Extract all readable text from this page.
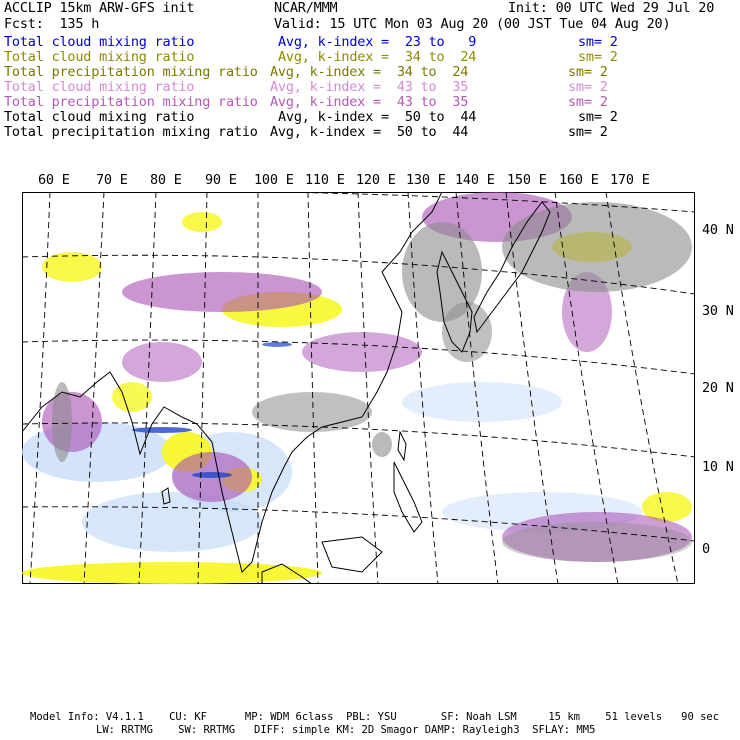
ACCLIP 15km ARW-GFS init	NCAR/MMM	Init: 00 UTC Wed 29 Jul 20
Fcst:  135 h	Valid: 15 UTC Mon 03 Aug 20 (00 JST Tue 04 Aug 20)
Total cloud mixing ratio	Avg, k-index =  23 to   9	sm= 2
Total cloud mixing ratio	Avg, k-index =  34 to  24	sm= 2
Total precipitation mixing ratio Avg, k-index =  34 to  24	sm= 2
Total cloud mixing ratio	Avg, k-index =  43 to  35	sm= 2
Total precipitation mixing ratio Avg, k-index =  43 to  35	sm= 2
Total cloud mixing ratio	Avg, k-index =  50 to  44	sm= 2
Total precipitation mixing ratio Avg, k-index =  50 to  44	sm= 2
60 E 70 E 80 E 90 E 100 E 110 E 120 E 130 E 140 E 150 E 160 E 170 E
40 N
30 N
20 N
10 N
0
Model Info: V4.1.1    CU: KF      MP: WDM 6class  PBL: YSU       SF: Noah LSM     15 km    51 levels   90 sec
LW: RRTMG    SW: RRTMG   DIFF: simple KM: 2D Smagor DAMP: Rayleigh3  SFLAY: MM5
